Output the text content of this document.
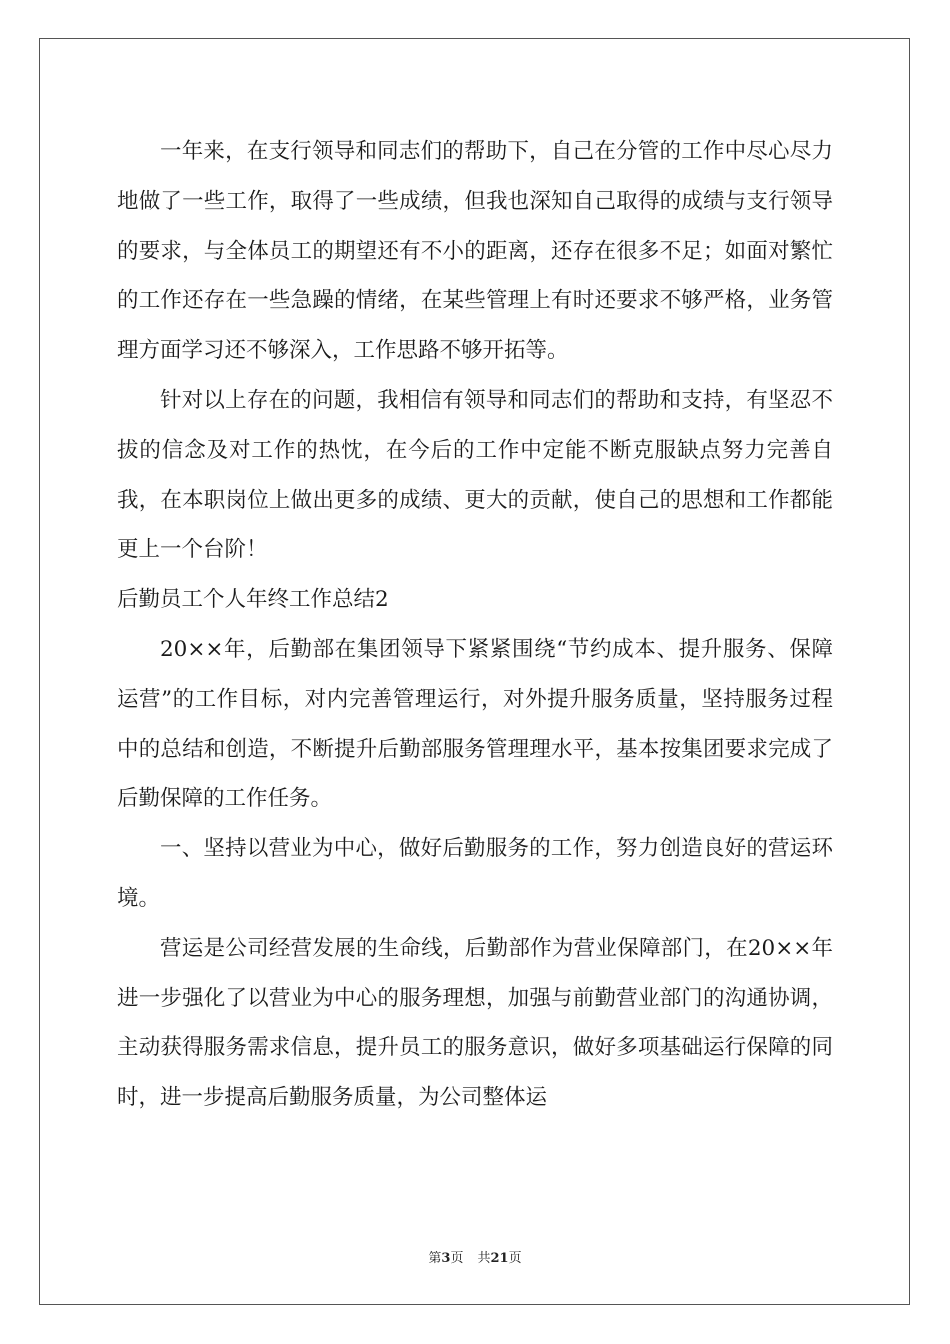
一年来，在支行领导和同志们的帮助下，自己在分管的工作中尽心尽力地做了一些工作，取得了一些成绩，但我也深知自己取得的成绩与支行领导的要求，与全体员工的期望还有不小的距离，还存在很多不足；如面对繁忙的工作还存在一些急躁的情绪，在某些管理上有时还要求不够严格，业务管理方面学习还不够深入，工作思路不够开拓等。

针对以上存在的问题，我相信有领导和同志们的帮助和支持，有坚忍不拔的信念及对工作的热忱，在今后的工作中定能不断克服缺点努力完善自我，在本职岗位上做出更多的成绩、更大的贡献，使自己的思想和工作都能更上一个台阶！

后勤员工个人年终工作总结2

20××年，后勤部在集团领导下紧紧围绕“节约成本、提升服务、保障运营”的工作目标，对内完善管理运行，对外提升服务质量，坚持服务过程中的总结和创造，不断提升后勤部服务管理理水平，基本按集团要求完成了后勤保障的工作任务。

一、坚持以营业为中心，做好后勤服务的工作，努力创造良好的营运环境。

营运是公司经营发展的生命线，后勤部作为营业保障部门，在20××年进一步强化了以营业为中心的服务理想，加强与前勤营业部门的沟通协调，主动获得服务需求信息，提升员工的服务意识，做好多项基础运行保障的同时，进一步提高后勤服务质量，为公司整体运

第3页 共21页
